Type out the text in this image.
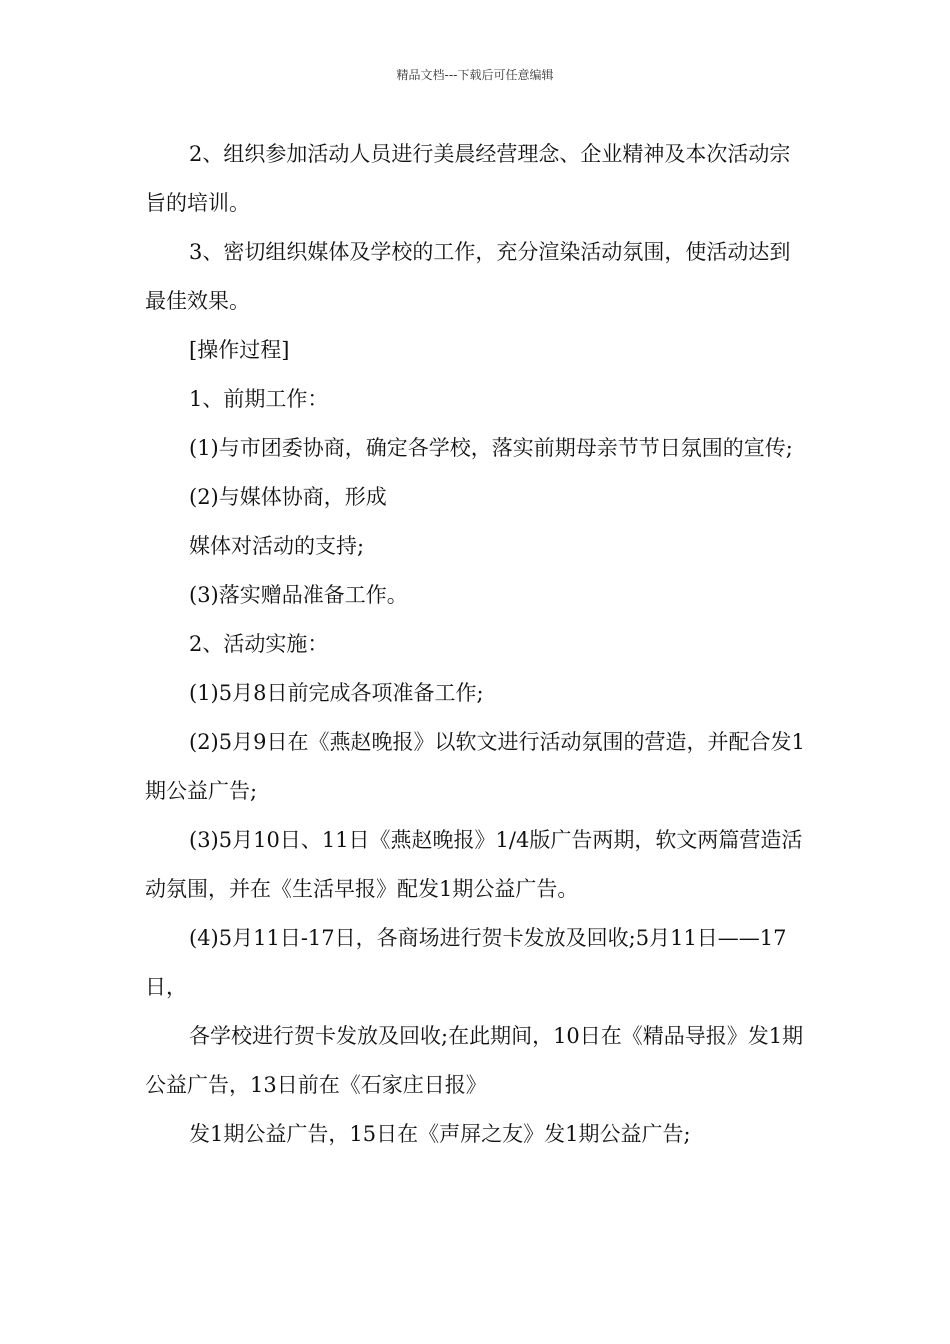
精品文档---下载后可任意编辑

2、组织参加活动人员进行美晨经营理念、企业精神及本次活动宗旨的培训。

3、密切组织媒体及学校的工作，充分渲染活动氛围，使活动达到最佳效果。

[操作过程]

1、前期工作：

(1)与市团委协商，确定各学校，落实前期母亲节节日氛围的宣传;

(2)与媒体协商，形成

媒体对活动的支持;

(3)落实赠品准备工作。

2、活动实施：

(1)5月8日前完成各项准备工作;

(2)5月9日在《燕赵晚报》以软文进行活动氛围的营造，并配合发1期公益广告;

(3)5月10日、11日《燕赵晚报》1/4版广告两期，软文两篇营造活动氛围，并在《生活早报》配发1期公益广告。

(4)5月11日-17日，各商场进行贺卡发放及回收;5月11日——17日，

各学校进行贺卡发放及回收;在此期间，10日在《精品导报》发1期公益广告，13日前在《石家庄日报》

发1期公益广告，15日在《声屏之友》发1期公益广告;
